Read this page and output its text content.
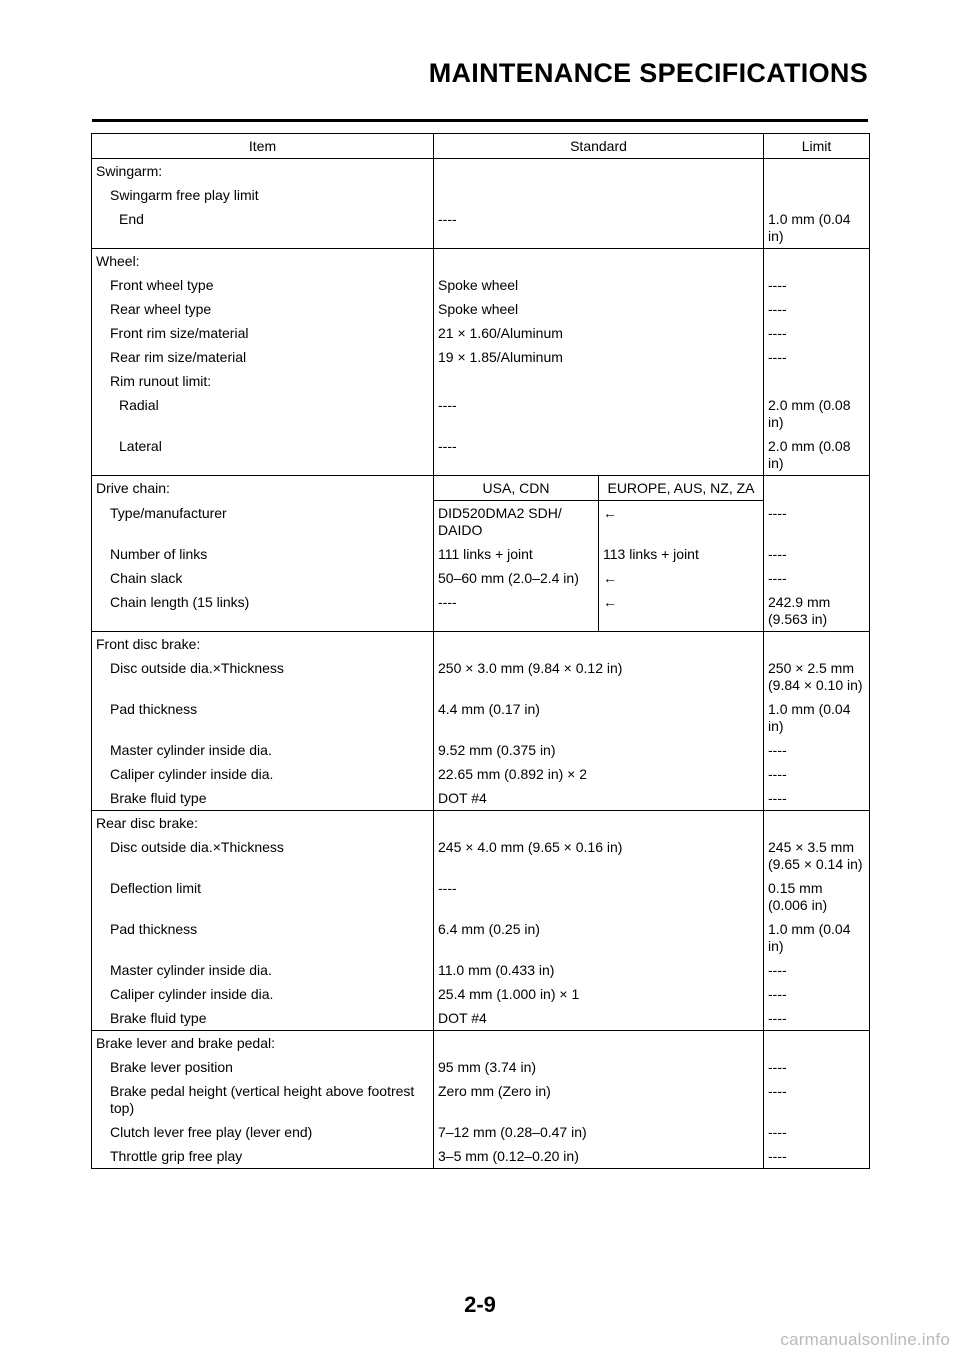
MAINTENANCE SPECIFICATIONS
Item	Standard		Limit
Swingarm:			
Swingarm free play limit			
End	----		1.0 mm (0.04 in)
Wheel:			
Front wheel type	Spoke wheel		----
Rear wheel type	Spoke wheel		----
Front rim size/material	21 × 1.60/Aluminum		----
Rear rim size/material	19 × 1.85/Aluminum		----
Rim runout limit:			
Radial	----		2.0 mm (0.08 in)
Lateral	----		2.0 mm (0.08 in)
Drive chain:	USA, CDN	EUROPE, AUS, NZ, ZA	
Type/manufacturer	DID520DMA2 SDH/ DAIDO	←	----
Number of links	111 links + joint	113 links + joint	----
Chain slack	50–60 mm (2.0–2.4 in)	←	----
Chain length (15 links)	----	←	242.9 mm (9.563 in)
Front disc brake:			
Disc outside dia.×Thickness	250 × 3.0 mm (9.84 × 0.12 in)		250 × 2.5 mm (9.84 × 0.10 in)
Pad thickness	4.4 mm (0.17 in)		1.0 mm (0.04 in)
Master cylinder inside dia.	9.52 mm (0.375 in)		----
Caliper cylinder inside dia.	22.65 mm (0.892 in) × 2		----
Brake fluid type	DOT #4		----
Rear disc brake:			
Disc outside dia.×Thickness	245 × 4.0 mm (9.65 × 0.16 in)		245 × 3.5 mm (9.65 × 0.14 in)
Deflection limit	----		0.15 mm (0.006 in)
Pad thickness	6.4 mm (0.25 in)		1.0 mm (0.04 in)
Master cylinder inside dia.	11.0 mm (0.433 in)		----
Caliper cylinder inside dia.	25.4 mm (1.000 in) × 1		----
Brake fluid type	DOT #4		----
Brake lever and brake pedal:			
Brake lever position	95 mm (3.74 in)		----
Brake pedal height (vertical height above footrest top)	Zero mm (Zero in)		----
Clutch lever free play (lever end)	7–12 mm (0.28–0.47 in)		----
Throttle grip free play	3–5 mm (0.12–0.20 in)		----

2-9

carmanualsonline.info
